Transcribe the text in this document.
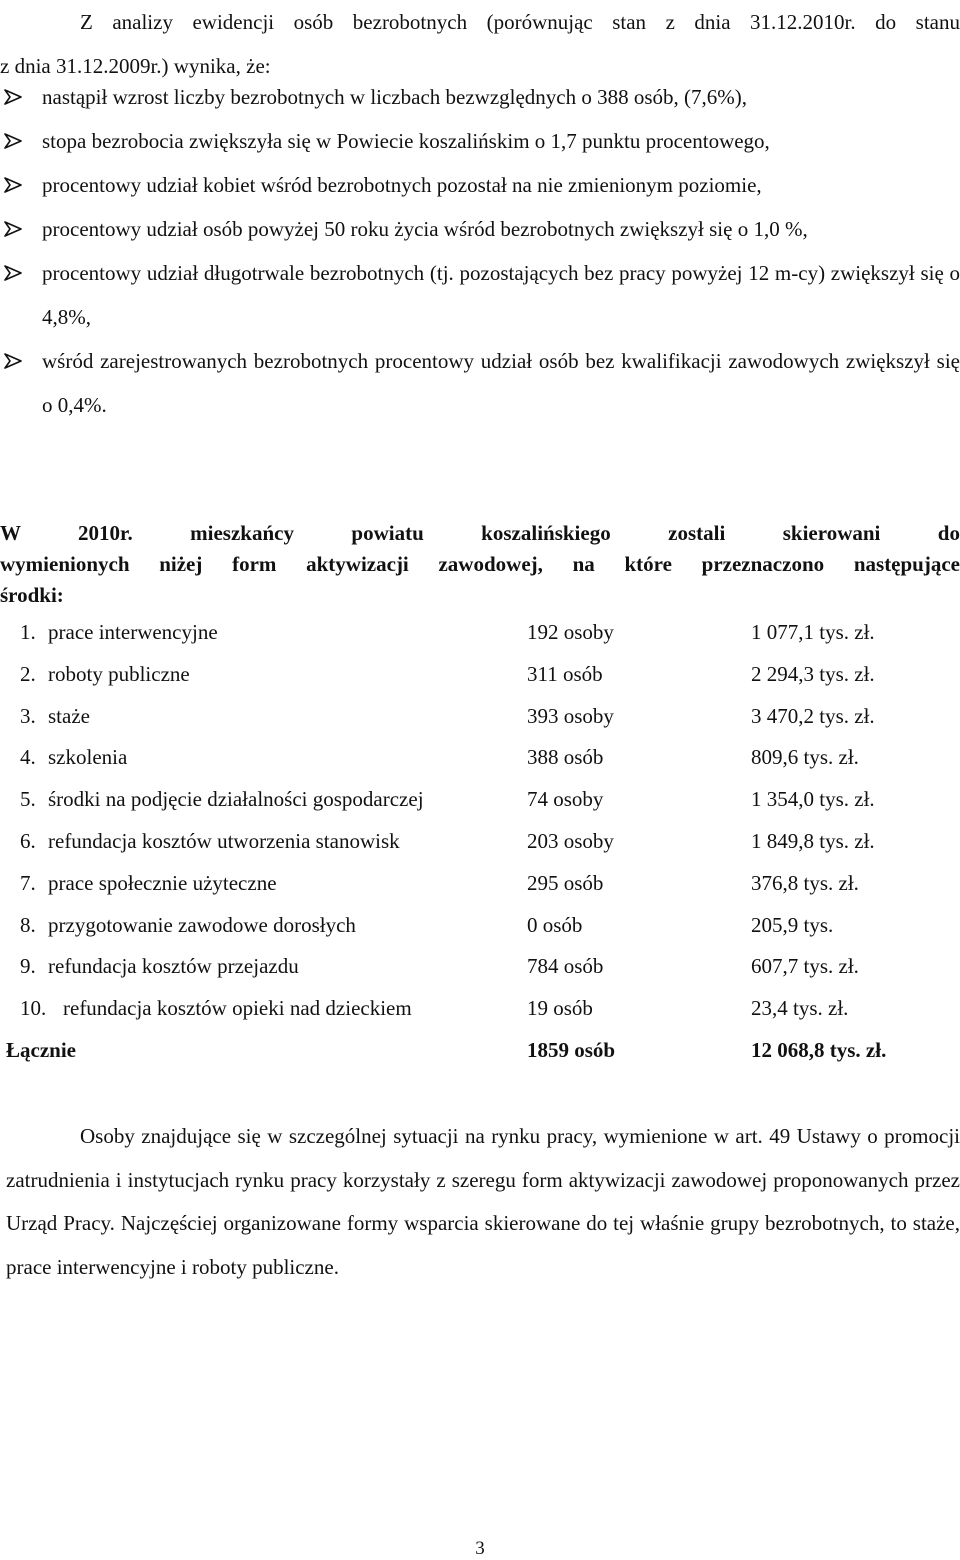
Z analizy ewidencji osób bezrobotnych (porównując stan z dnia 31.12.2010r. do stanu
z dnia 31.12.2009r.) wynika, że:

nastąpił wzrost liczby bezrobotnych w liczbach bezwzględnych o 388 osób, (7,6%),
stopa bezrobocia zwiększyła się w Powiecie koszalińskim o 1,7 punktu procentowego,
procentowy udział kobiet wśród bezrobotnych pozostał na nie zmienionym poziomie,
procentowy udział osób powyżej 50 roku życia wśród bezrobotnych zwiększył się o 1,0 %,
procentowy udział długotrwale bezrobotnych (tj. pozostających bez pracy powyżej 12 m-cy) zwiększył się o 4,8%,
wśród zarejestrowanych bezrobotnych procentowy udział osób bez kwalifikacji zawodowych zwiększył się o 0,4%.
W 2010r. mieszkańcy powiatu koszalińskiego zostali skierowani do
wymienionych niżej form aktywizacji zawodowej, na które przeznaczono następujące
środki:
1. prace interwencyjne	192 osoby	1 077,1 tys. zł.
2. roboty publiczne	311 osób	2 294,3 tys. zł.
3. staże	393 osoby	3 470,2 tys. zł.
4. szkolenia	388 osób	809,6 tys. zł.
5. środki na podjęcie działalności gospodarczej	74 osoby	1 354,0 tys. zł.
6. refundacja kosztów utworzenia stanowisk	203 osoby	1 849,8 tys. zł.
7. prace społecznie użyteczne	295 osób	376,8 tys. zł.
8. przygotowanie zawodowe dorosłych	0 osób	205,9 tys.
9. refundacja kosztów przejazdu	784 osób	607,7 tys. zł.
10. refundacja kosztów opieki nad dzieckiem	19 osób	23,4 tys. zł.
Łącznie	1859 osób	12 068,8 tys. zł.

Osoby znajdujące się w szczególnej sytuacji na rynku pracy, wymienione w art. 49 Ustawy o promocji zatrudnienia i instytucjach rynku pracy korzystały z szeregu form aktywizacji zawodowej proponowanych przez Urząd Pracy. Najczęściej organizowane formy wsparcia skierowane do tej właśnie grupy bezrobotnych, to staże, prace interwencyjne i roboty publiczne.

3
